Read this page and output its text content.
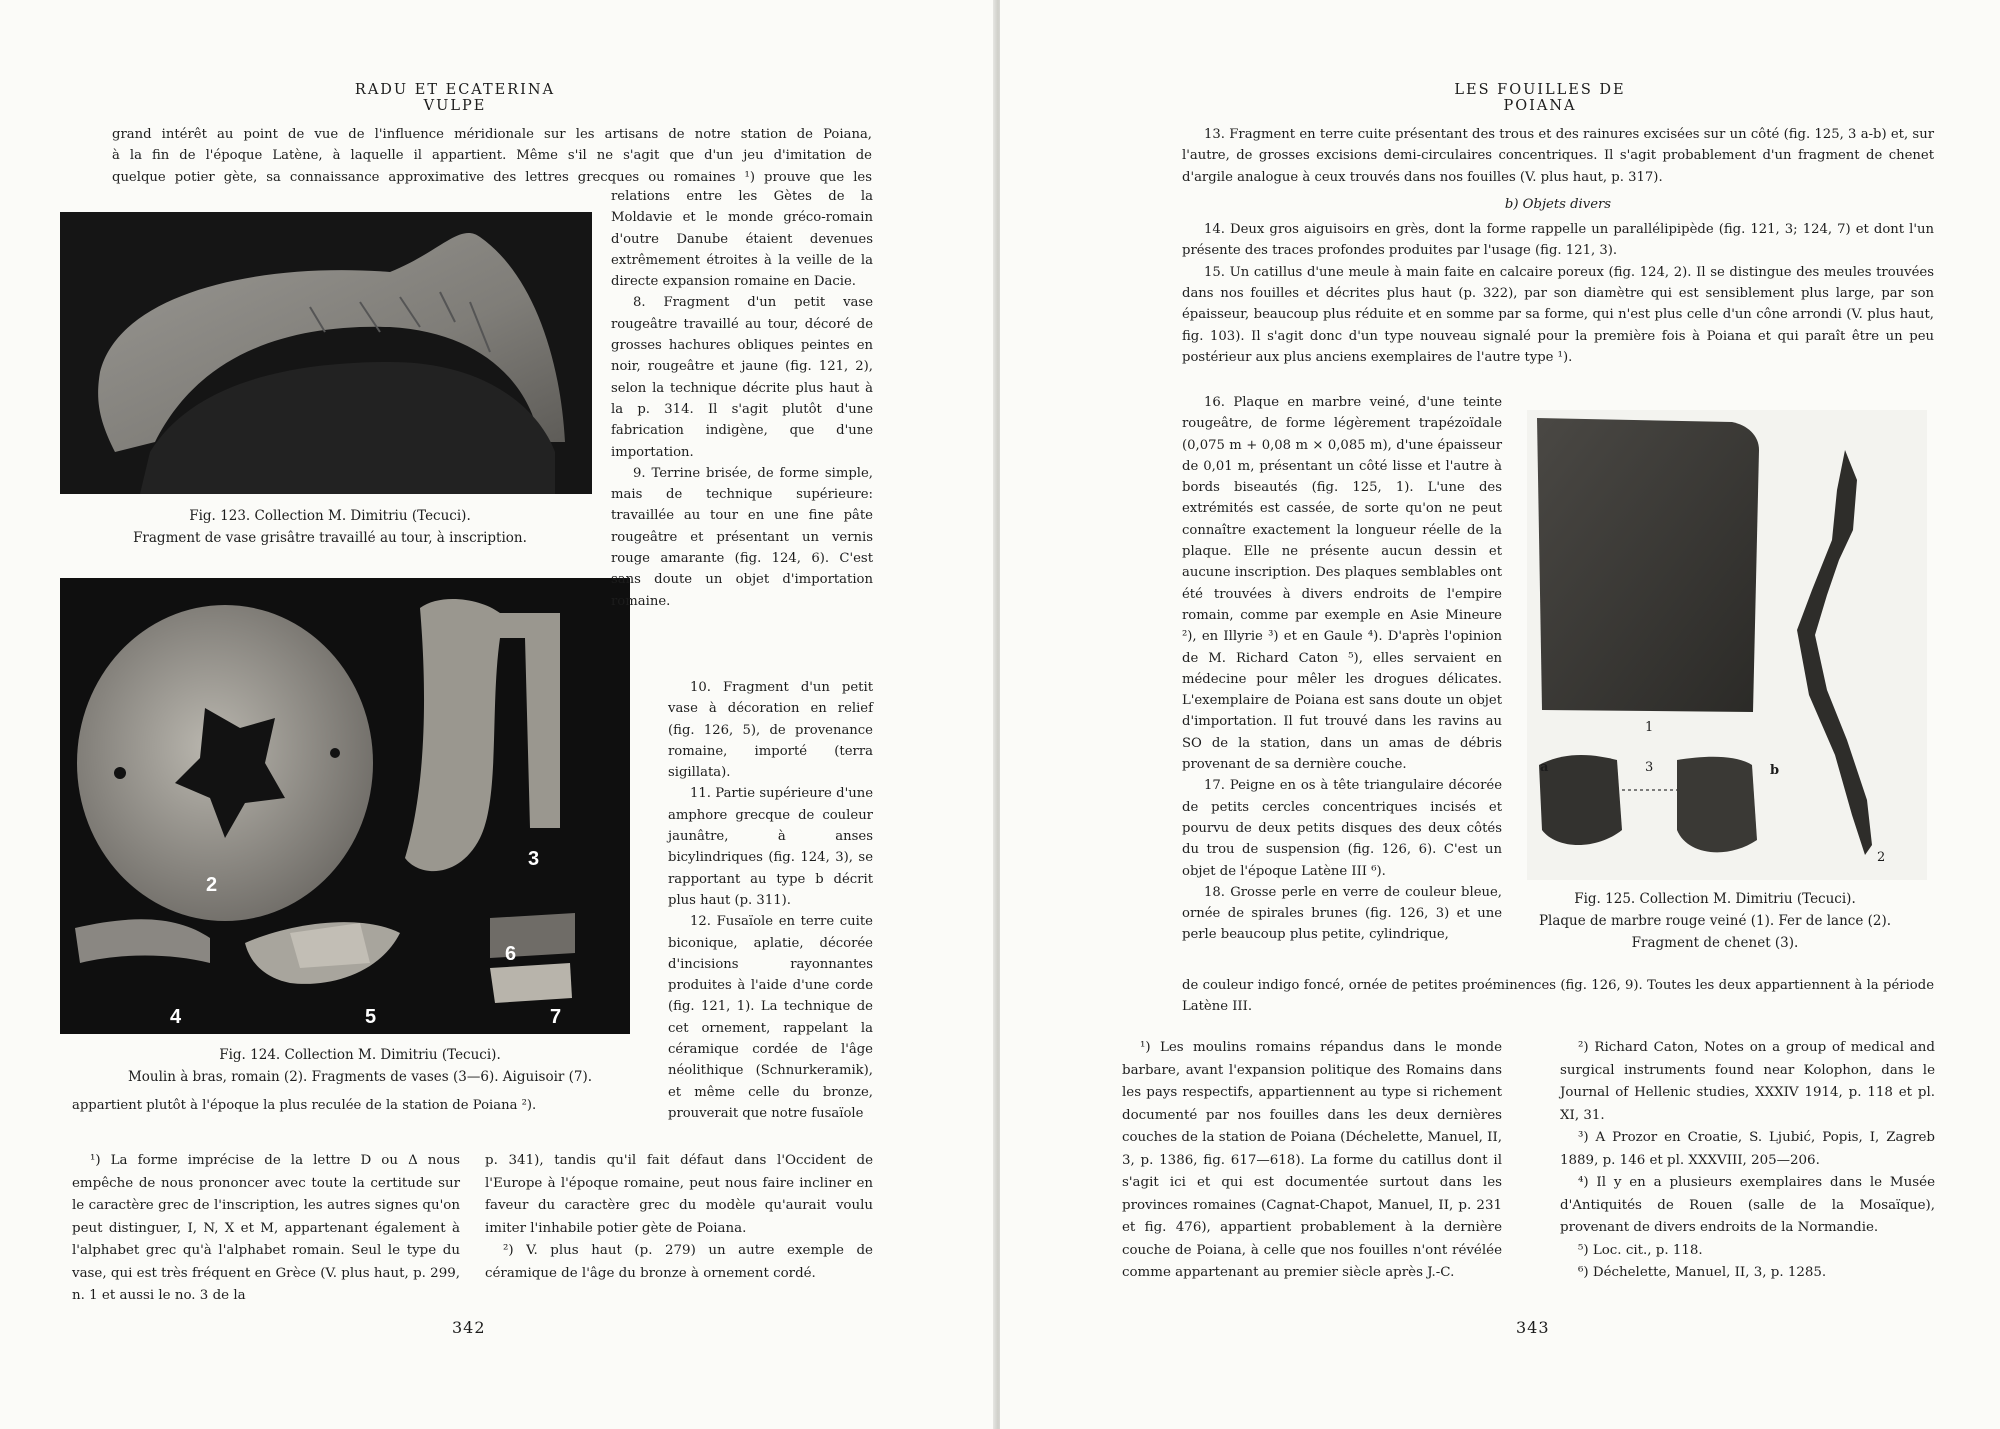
RADU ET ECATERINA VULPE
grand intérêt au point de vue de l'influence méridionale sur les artisans de notre station de Poiana,
à la fin de l'époque Latène, à laquelle il appartient. Même s'il ne s'agit que d'un jeu d'imitation de
quelque potier gète, sa connaissance approximative des lettres grecques ou romaines ¹) prouve que les
Fig. 123. Collection M. Dimitriu (Tecuci).
Fragment de vase grisâtre travaillé au tour, à inscription.
2
3
4	5
6
7
Fig. 124. Collection M. Dimitriu (Tecuci).
Moulin à bras, romain (2). Fragments de vases (3—6). Aiguisoir (7).

relations entre les Gètes de la Moldavie et le monde gréco-romain d'outre Danube étaient devenues extrêmement étroites à la veille de la directe expansion romaine en Dacie.

8. Fragment d'un petit vase rougeâtre travaillé au tour, décoré de grosses hachures obliques peintes en noir, rougeâtre et jaune (fig. 121, 2), selon la technique décrite plus haut à la p. 314. Il s'agit plutôt d'une fabrication indigène, que d'une importation.

9. Terrine brisée, de forme simple, mais de technique supérieure: travaillée au tour en une fine pâte rougeâtre et présentant un vernis rouge amarante (fig. 124, 6). C'est sans doute un objet d'importation romaine.

10. Fragment d'un petit vase à décoration en relief (fig. 126, 5), de provenance romaine, importé (terra sigillata).

11. Partie supérieure d'une amphore grecque de couleur jaunâtre, à anses bicylindriques (fig. 124, 3), se rapportant au type b décrit plus haut (p. 311).

12. Fusaïole en terre cuite biconique, aplatie, décorée d'incisions rayonnantes produites à l'aide d'une corde (fig. 121, 1). La technique de cet ornement, rappelant la céramique cordée de l'âge néolithique (Schnurkeramik), et même celle du bronze, prouverait que notre fusaïole

appartient plutôt à l'époque la plus reculée de la station de Poiana ²).

¹) La forme imprécise de la lettre D ou Δ nous empêche de nous prononcer avec toute la certitude sur le caractère grec de l'inscription, les autres signes qu'on peut distinguer, I, N, X et M, appartenant également à l'alphabet grec qu'à l'alphabet romain. Seul le type du vase, qui est très fréquent en Grèce (V. plus haut, p. 299, n. 1 et aussi le no. 3 de la

p. 341), tandis qu'il fait défaut dans l'Occident de l'Europe à l'époque romaine, peut nous faire incliner en faveur du caractère grec du modèle qu'aurait voulu imiter l'inhabile potier gète de Poiana.

²) V. plus haut (p. 279) un autre exemple de céramique de l'âge du bronze à ornement cordé.

342
LES FOUILLES DE POIANA

13. Fragment en terre cuite présentant des trous et des rainures excisées sur un côté (fig. 125, 3 a-b) et, sur l'autre, de grosses excisions demi-circulaires concentriques. Il s'agit probablement d'un fragment de chenet d'argile analogue à ceux trouvés dans nos fouilles (V. plus haut, p. 317).

b) Objets divers

14. Deux gros aiguisoirs en grès, dont la forme rappelle un parallélipipède (fig. 121, 3; 124, 7) et dont l'un présente des traces profondes produites par l'usage (fig. 121, 3).

15. Un catillus d'une meule à main faite en calcaire poreux (fig. 124, 2). Il se distingue des meules trouvées dans nos fouilles et décrites plus haut (p. 322), par son diamètre qui est sensiblement plus large, par son épaisseur, beaucoup plus réduite et en somme par sa forme, qui n'est plus celle d'un cône arrondi (V. plus haut, fig. 103). Il s'agit donc d'un type nouveau signalé pour la première fois à Poiana et qui paraît être un peu postérieur aux plus anciens exemplaires de l'autre type ¹).

16. Plaque en marbre veiné, d'une teinte rougeâtre, de forme légèrement trapézoïdale (0,075 m + 0,08 m × 0,085 m), d'une épaisseur de 0,01 m, présentant un côté lisse et l'autre à bords biseautés (fig. 125, 1). L'une des extrémités est cassée, de sorte qu'on ne peut connaître exactement la longueur réelle de la plaque. Elle ne présente aucun dessin et aucune inscription. Des plaques semblables ont été trouvées à divers endroits de l'empire romain, comme par exemple en Asie Mineure ²), en Illyrie ³) et en Gaule ⁴). D'après l'opinion de M. Richard Caton ⁵), elles servaient en médecine pour mêler les drogues délicates. L'exemplaire de Poiana est sans doute un objet d'importation. Il fut trouvé dans les ravins au SO de la station, dans un amas de débris provenant de sa dernière couche.

17. Peigne en os à tête triangulaire décorée de petits cercles concentriques incisés et pourvu de deux petits disques des deux côtés du trou de suspension (fig. 126, 6). C'est un objet de l'époque Latène III ⁶).

18. Grosse perle en verre de couleur bleue, ornée de spirales brunes (fig. 126, 3) et une perle beaucoup plus petite, cylindrique,

de couleur indigo foncé, ornée de petites proéminences (fig. 126, 9). Toutes les deux appartiennent à la période Latène III.
1
a	3	b
2
Fig. 125. Collection M. Dimitriu (Tecuci).
Plaque de marbre rouge veiné (1). Fer de lance (2).
Fragment de chenet (3).

¹) Les moulins romains répandus dans le monde barbare, avant l'expansion politique des Romains dans les pays respectifs, appartiennent au type si richement documenté par nos fouilles dans les deux dernières couches de la station de Poiana (Déchelette, Manuel, II, 3, p. 1386, fig. 617—618). La forme du catillus dont il s'agit ici et qui est documentée surtout dans les provinces romaines (Cagnat-Chapot, Manuel, II, p. 231 et fig. 476), appartient probablement à la dernière couche de Poiana, à celle que nos fouilles n'ont révélée comme appartenant au premier siècle après J.-C.

²) Richard Caton, Notes on a group of medical and surgical instruments found near Kolophon, dans le Journal of Hellenic studies, XXXIV 1914, p. 118 et pl. XI, 31.

³) A Prozor en Croatie, S. Ljubić, Popis, I, Zagreb 1889, p. 146 et pl. XXXVIII, 205—206.

⁴) Il y en a plusieurs exemplaires dans le Musée d'Antiquités de Rouen (salle de la Mosaïque), provenant de divers endroits de la Normandie.

⁵) Loc. cit., p. 118.

⁶) Déchelette, Manuel, II, 3, p. 1285.

343
